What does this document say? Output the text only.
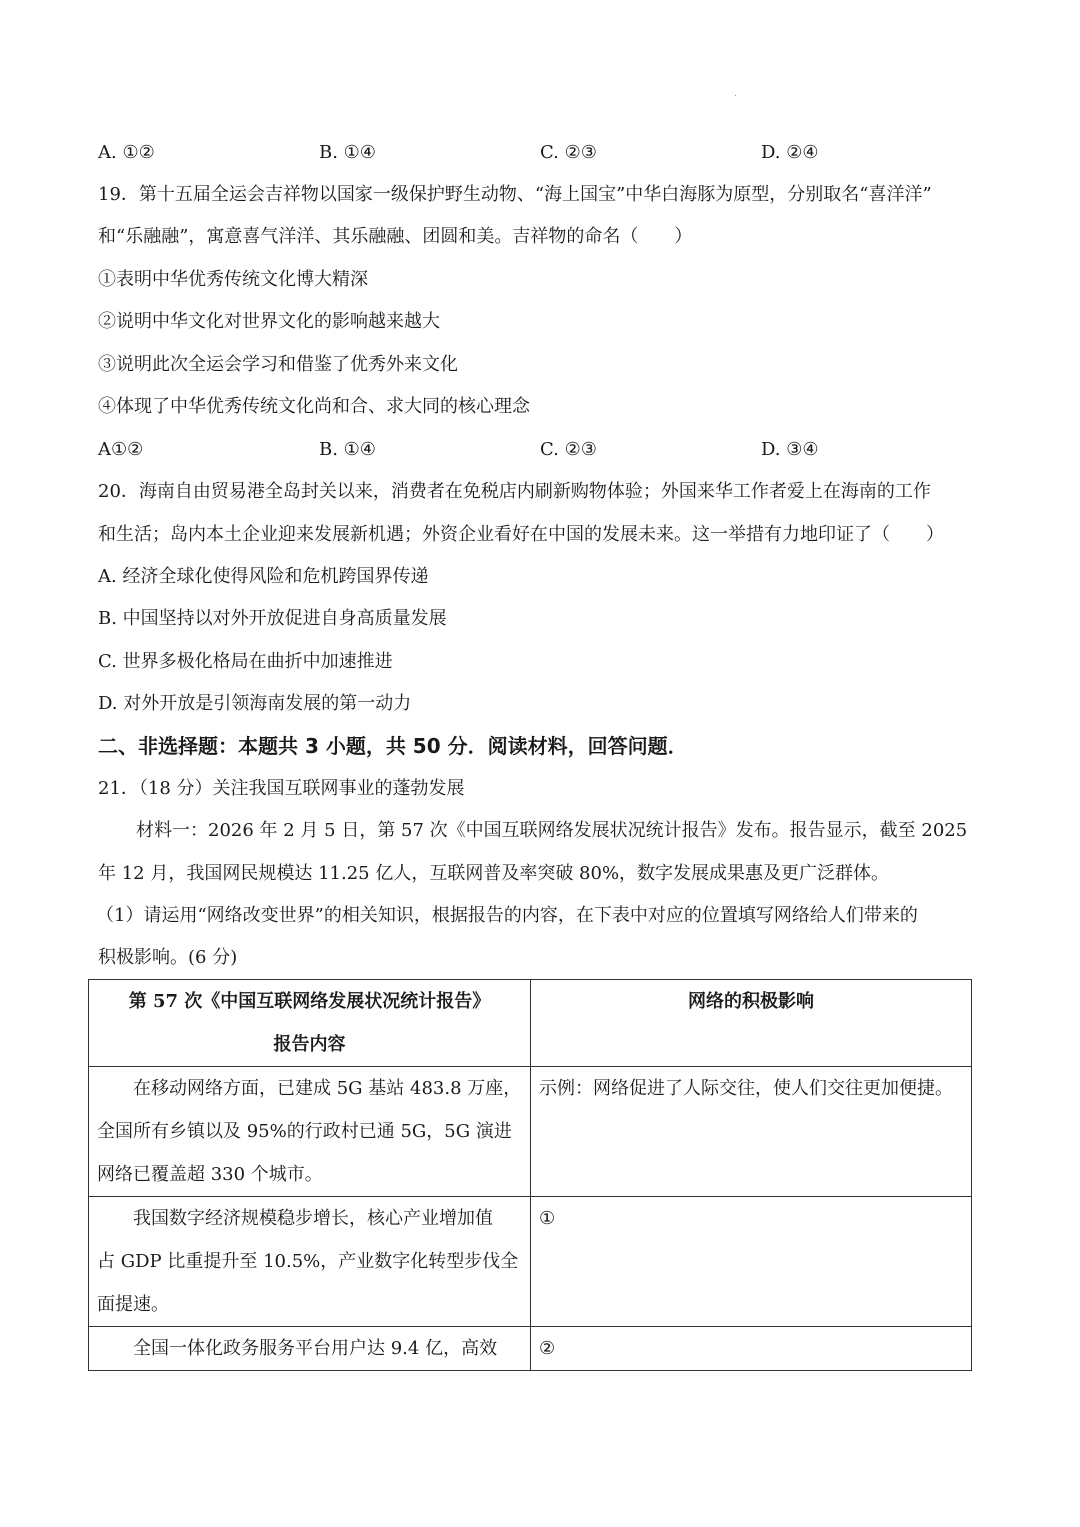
·
A. ①②	B. ①④	C. ②③	D. ②④
19．第十五届全运会吉祥物以国家一级保护野生动物、“海上国宝”中华白海豚为原型，分别取名“喜洋洋”
和“乐融融”，寓意喜气洋洋、其乐融融、团圆和美。吉祥物的命名（　　）
①表明中华优秀传统文化博大精深
②说明中华文化对世界文化的影响越来越大
③说明此次全运会学习和借鉴了优秀外来文化
④体现了中华优秀传统文化尚和合、求大同的核心理念
A①②	B. ①④	C. ②③	D. ③④
20．海南自由贸易港全岛封关以来，消费者在免税店内刷新购物体验；外国来华工作者爱上在海南的工作
和生活；岛内本土企业迎来发展新机遇；外资企业看好在中国的发展未来。这一举措有力地印证了（　　）
A. 经济全球化使得风险和危机跨国界传递
B. 中国坚持以对外开放促进自身高质量发展
C. 世界多极化格局在曲折中加速推进
D. 对外开放是引领海南发展的第一动力
二、非选择题：本题共 3 小题，共 50 分．阅读材料，回答问题．
21．（18 分）关注我国互联网事业的蓬勃发展
材料一：2026 年 2 月 5 日，第 57 次《中国互联网络发展状况统计报告》发布。报告显示，截至 2025
年 12 月，我国网民规模达 11.25 亿人，互联网普及率突破 80%，数字发展成果惠及更广泛群体。
（1）请运用“网络改变世界”的相关知识，根据报告的内容，在下表中对应的位置填写网络给人们带来的
积极影响。(6 分)
第 57 次《中国互联网络发展状况统计报告》
报告内容	网络的积极影响

在移动网络方面，已建成 5G 基站 483.8 万座，
全国所有乡镇以及 95%的行政村已通 5G，5G 演进
网络已覆盖超 330 个城市。	示例：网络促进了人际交往，使人们交往更加便捷。

我国数字经济规模稳步增长，核心产业增加值
占 GDP 比重提升至 10.5%，产业数字化转型步伐全
面提速。	①

全国一体化政务服务平台用户达 9.4 亿，高效	②
